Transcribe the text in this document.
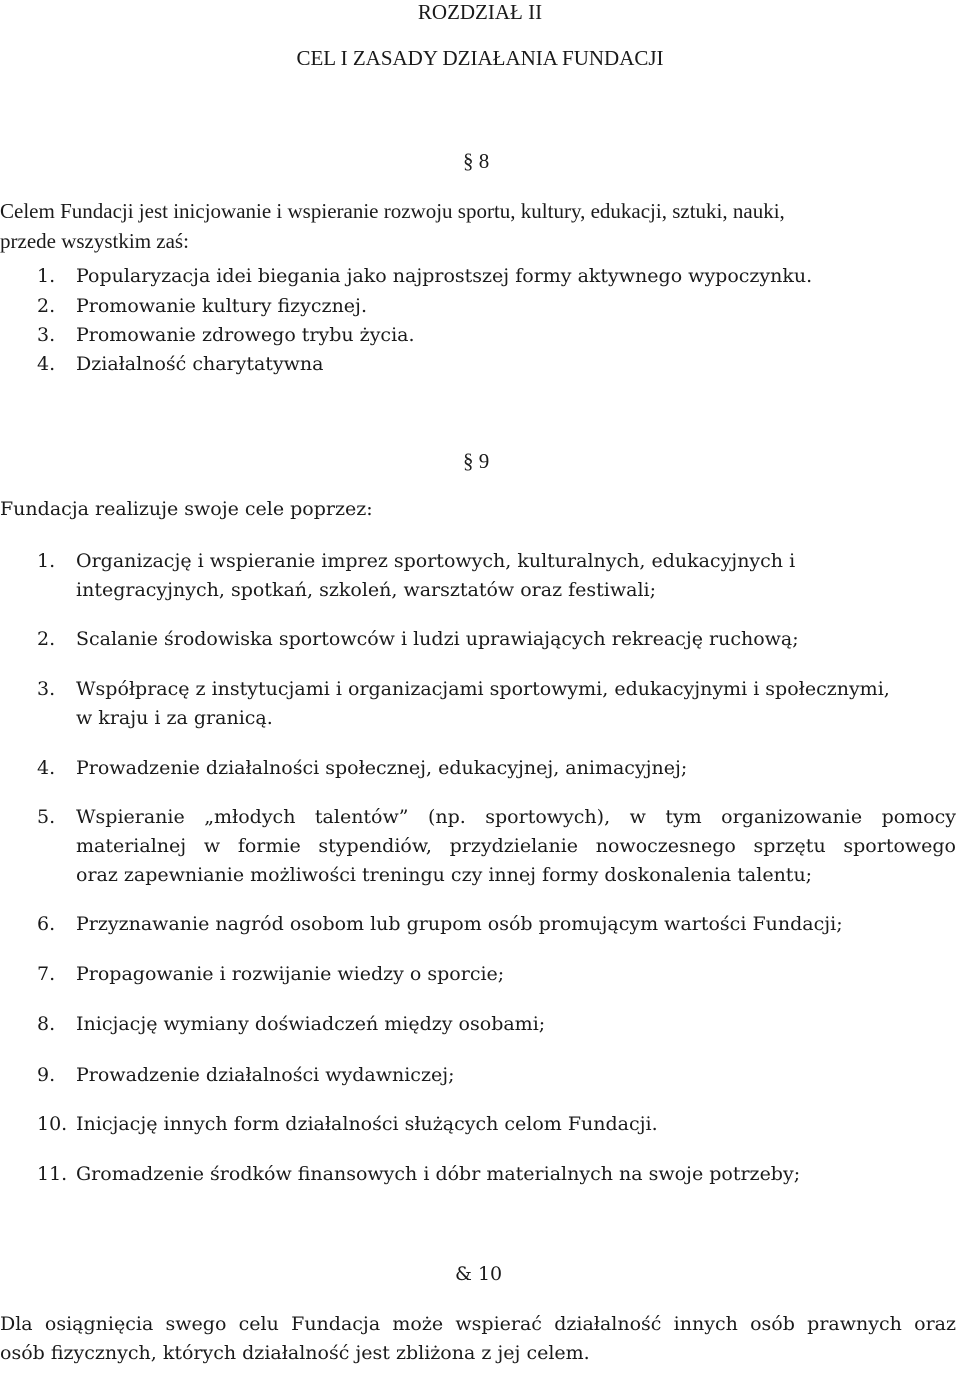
ROZDZIAŁ II
CEL I ZASADY DZIAŁANIA FUNDACJI
§ 8
Celem Fundacji jest inicjowanie i wspieranie rozwoju sportu, kultury, edukacji, sztuki, nauki,
przede wszystkim zaś:
1. Popularyzacja idei biegania jako najprostszej formy aktywnego wypoczynku.
2. Promowanie kultury fizycznej.
3. Promowanie zdrowego trybu życia.
4. Działalność charytatywna
§ 9
Fundacja realizuje swoje cele poprzez:
1. Organizację i wspieranie imprez sportowych, kulturalnych, edukacyjnych i
integracyjnych, spotkań, szkoleń, warsztatów oraz festiwali;
2. Scalanie środowiska sportowców i ludzi uprawiających rekreację ruchową;
3. Współpracę z instytucjami i organizacjami sportowymi, edukacyjnymi i społecznymi,
w kraju i za granicą.
4. Prowadzenie działalności społecznej, edukacyjnej, animacyjnej;
5. Wspieranie „młodych talentów” (np. sportowych), w tym organizowanie pomocy
materialnej w formie stypendiów, przydzielanie nowoczesnego sprzętu sportowego
oraz zapewnianie możliwości treningu czy innej formy doskonalenia talentu;
6. Przyznawanie nagród osobom lub grupom osób promującym wartości Fundacji;
7. Propagowanie i rozwijanie wiedzy o sporcie;
8. Inicjację wymiany doświadczeń między osobami;
9. Prowadzenie działalności wydawniczej;
10. Inicjację innych form działalności służących celom Fundacji.
11. Gromadzenie środków finansowych i dóbr materialnych na swoje potrzeby;
& 10
Dla osiągnięcia swego celu Fundacja może wspierać działalność innych osób prawnych oraz
osób fizycznych, których działalność jest zbliżona z jej celem.
